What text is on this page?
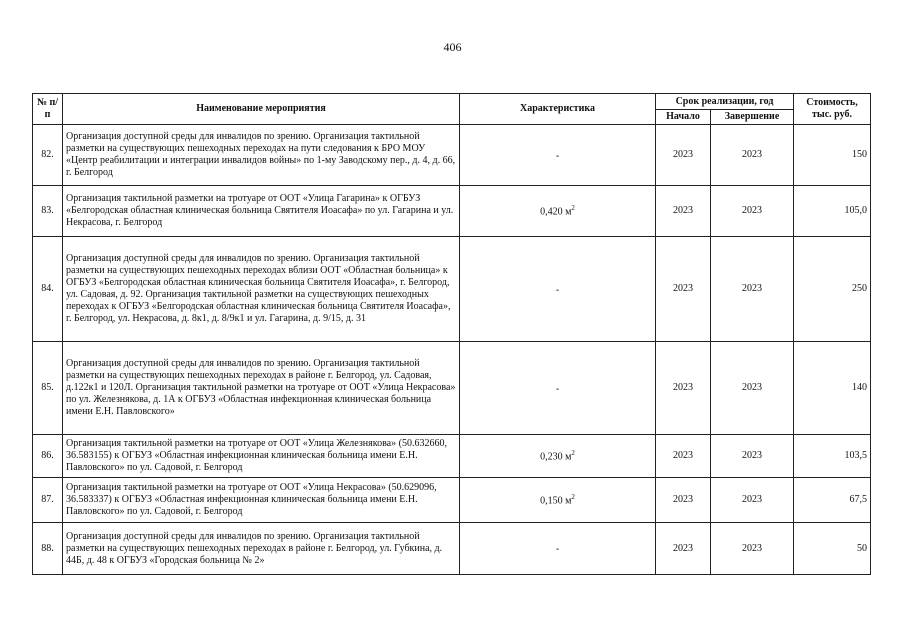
406
№ п/п	Наименование мероприятия	Характеристика	Срок реализации, год		Стоимость, тыс. руб.
			Начало	Завершение	
82.	Организация доступной среды для инвалидов по зрению. Организация тактильной разметки на существующих пешеходных переходах на пути следования к БРО МОУ «Центр реабилитации и интеграции инвалидов войны» по 1-му Заводскому пер., д. 4, д. 66, г. Белгород	-	2023	2023	150
83.	Организация тактильной разметки на тротуаре от ООТ «Улица Гагарина» к ОГБУЗ «Белгородская областная клиническая больница Святителя Иоасафа» по ул. Гагарина и ул. Некрасова, г. Белгород	0,420 $м^2$	2023	2023	105,0
84.	Организация доступной среды для инвалидов по зрению. Организация тактильной разметки на существующих пешеходных переходах вблизи ООТ «Областная больница» к ОГБУЗ «Белгородская областная клиническая больница Святителя Иоасафа», г. Белгород, ул. Садовая, д. 92. Организация тактильной разметки на существующих пешеходных переходах к ОГБУЗ «Белгородская областная клиническая больница Святителя Иоасафа», г. Белгород, ул. Некрасова, д. 8к1, д. 8/9к1 и ул. Гагарина, д. 9/15, д. 31	-	2023	2023	250
85.	Организация доступной среды для инвалидов по зрению. Организация тактильной разметки на существующих пешеходных переходах в районе г. Белгород, ул. Садовая, д.122к1 и 120Л. Организация тактильной разметки на тротуаре от ООТ «Улица Некрасова» по ул. Железнякова, д. 1А к ОГБУЗ «Областная инфекционная клиническая больница имени Е.Н. Павловского»	-	2023	2023	140
86.	Организация тактильной разметки на тротуаре от ООТ «Улица Железнякова» (50.632660, 36.583155) к ОГБУЗ «Областная инфекционная клиническая больница имени Е.Н. Павловского» по ул. Садовой, г. Белгород	0,230 $м^2$	2023	2023	103,5
87.	Организация тактильной разметки на тротуаре от ООТ «Улица Некрасова» (50.629096, 36.583337) к ОГБУЗ «Областная инфекционная клиническая больница имени Е.Н. Павловского» по ул. Садовой, г. Белгород	0,150 $м^2$	2023	2023	67,5
88.	Организация доступной среды для инвалидов по зрению. Организация тактильной разметки на существующих пешеходных переходах в районе г. Белгород, ул. Губкина, д. 44Б, д. 48 к ОГБУЗ «Городская больница № 2»	-	2023	2023	50
